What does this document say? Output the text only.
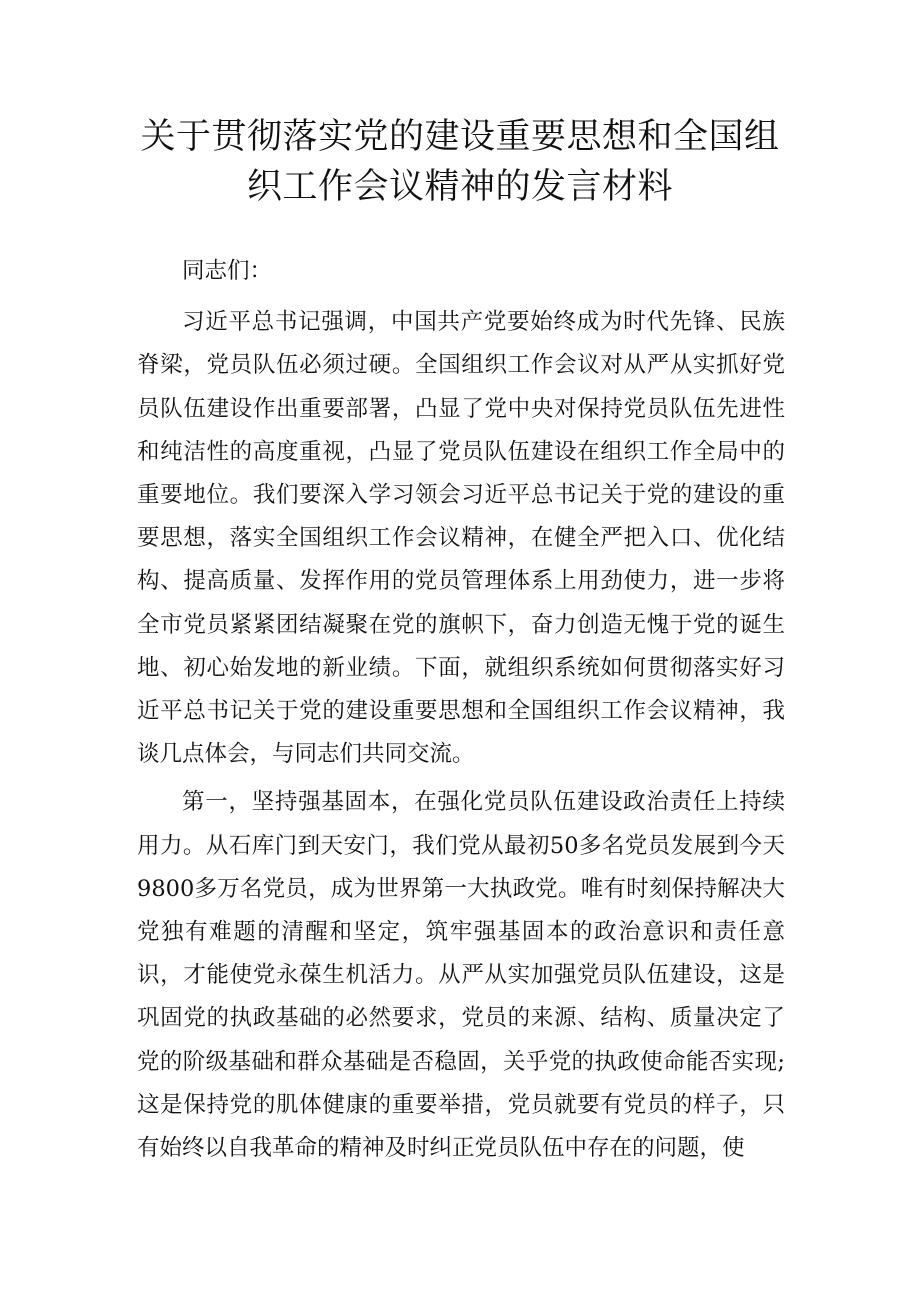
关于贯彻落实党的建设重要思想和全国组
织工作会议精神的发言材料

同志们：

习近平总书记强调，中国共产党要始终成为时代先锋、民族脊梁，党员队伍必须过硬。全国组织工作会议对从严从实抓好党员队伍建设作出重要部署，凸显了党中央对保持党员队伍先进性和纯洁性的高度重视，凸显了党员队伍建设在组织工作全局中的重要地位。我们要深入学习领会习近平总书记关于党的建设的重要思想，落实全国组织工作会议精神，在健全严把入口、优化结构、提高质量、发挥作用的党员管理体系上用劲使力，进一步将全市党员紧紧团结凝聚在党的旗帜下，奋力创造无愧于党的诞生地、初心始发地的新业绩。下面，就组织系统如何贯彻落实好习近平总书记关于党的建设重要思想和全国组织工作会议精神，我谈几点体会，与同志们共同交流。

第一，坚持强基固本，在强化党员队伍建设政治责任上持续用力。从石库门到天安门，我们党从最初50多名党员发展到今天9800多万名党员，成为世界第一大执政党。唯有时刻保持解决大党独有难题的清醒和坚定，筑牢强基固本的政治意识和责任意识，才能使党永葆生机活力。从严从实加强党员队伍建设，这是巩固党的执政基础的必然要求，党员的来源、结构、质量决定了党的阶级基础和群众基础是否稳固，关乎党的执政使命能否实现;这是保持党的肌体健康的重要举措，党员就要有党员的样子，只有始终以自我革命的精神及时纠正党员队伍中存在的问题，使
